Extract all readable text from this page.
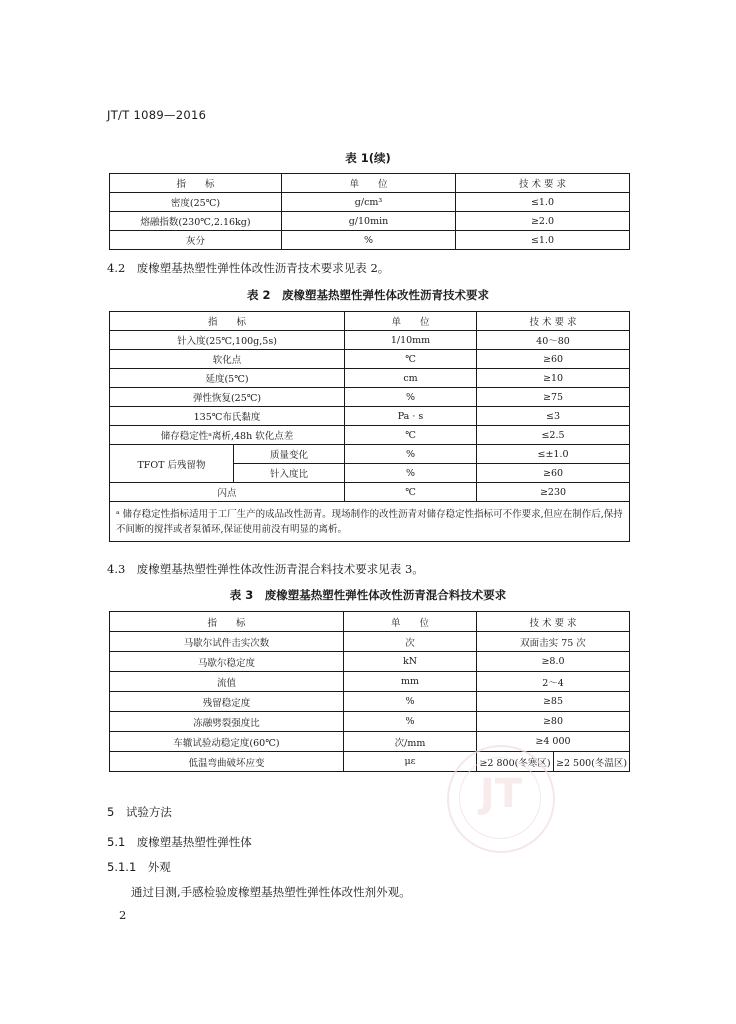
JT/T 1089—2016
表 1(续)
指　　标	单　　位	技 术 要 求
密度(25℃)	g/cm³	≤1.0
熔融指数(230℃,2.16kg)	g/10min	≥2.0
灰分	%	≤1.0
4.2　废橡塑基热塑性弹性体改性沥青技术要求见表 2。
表 2　废橡塑基热塑性弹性体改性沥青技术要求
指　　标		单　　位	技 术 要 求
针入度(25℃,100g,5s)		1/10mm	40～80
软化点		℃	≥60
延度(5℃)		cm	≥10
弹性恢复(25℃)		%	≥75
135℃布氏黏度		Pa · s	≤3
储存稳定性ᵃ离析,48h 软化点差		℃	≤2.5
TFOT 后残留物	质量变化	%	≤±1.0
	针入度比	%	≥60
闪点		℃	≥230
ᵃ 储存稳定性指标适用于工厂生产的成品改性沥青。现场制作的改性沥青对储存稳定性指标可不作要求,但应在制作后,保持不间断的搅拌或者泵循环,保证使用前没有明显的离析。			
4.3　废橡塑基热塑性弹性体改性沥青混合料技术要求见表 3。
表 3　废橡塑基热塑性弹性体改性沥青混合料技术要求
指　　标	单　　位	技 术 要 求	
马歇尔试件击实次数	次	双面击实 75 次	
马歇尔稳定度	kN	≥8.0	
流值	mm	2～4	
残留稳定度	%	≥85	
冻融劈裂强度比	%	≥80	
车辙试验动稳定度(60℃)	次/mm	≥4 000	
低温弯曲破坏应变	με	≥2 800(冬寒区)	≥2 500(冬温区)
JT
5　试验方法
5.1　废橡塑基热塑性弹性体
5.1.1　外观
通过目测,手感检验废橡塑基热塑性弹性体改性剂外观。
2
